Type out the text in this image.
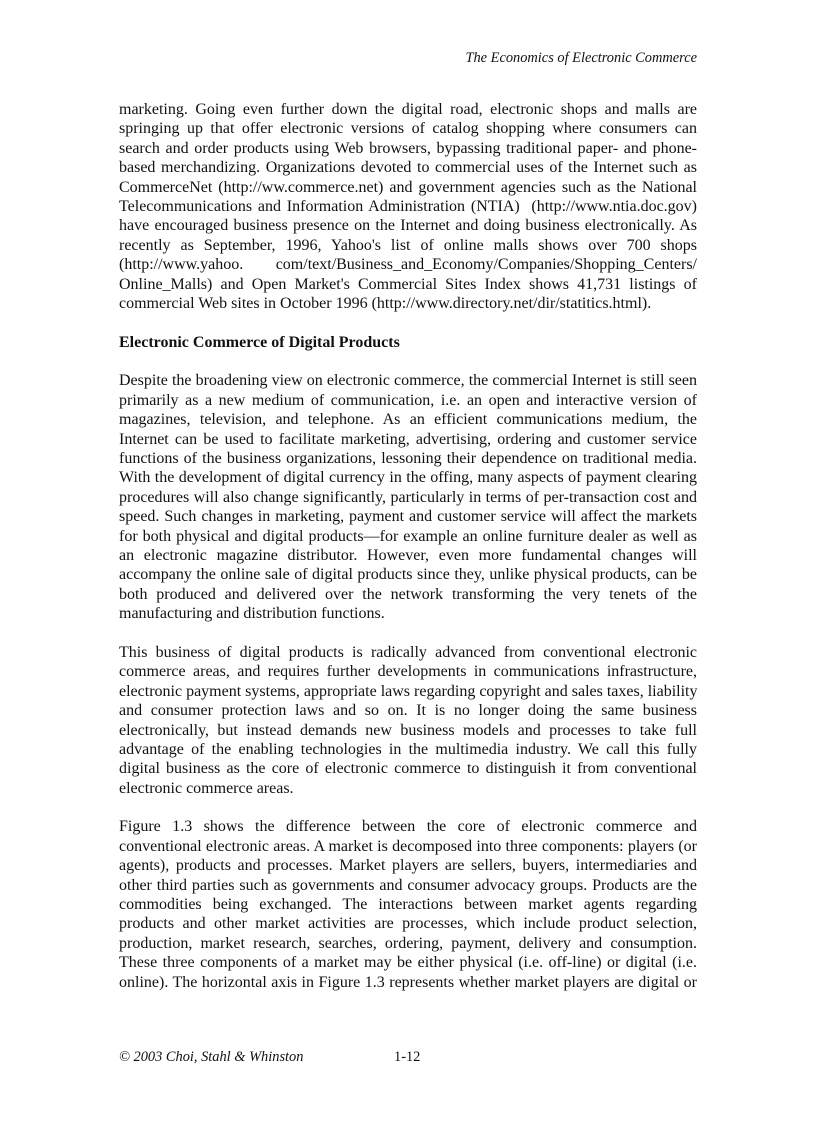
The Economics of Electronic Commerce
marketing. Going even further down the digital road, electronic shops and malls are
springing up that offer electronic versions of catalog shopping where consumers can
search and order products using Web browsers, bypassing traditional paper- and phone-
based merchandizing. Organizations devoted to commercial uses of the Internet such as
CommerceNet (http://ww.commerce.net) and government agencies such as the National
Telecommunications and Information Administration (NTIA)  (http://www.ntia.doc.gov)
have encouraged business presence on the Internet and doing business electronically. As
recently as September, 1996, Yahoo's list of online malls shows over 700 shops
(http://www.yahoo.      com/text/Business_and_Economy/Companies/Shopping_Centers/
Online_Malls) and Open Market's Commercial Sites Index shows 41,731 listings of
commercial Web sites in October 1996 (http://www.directory.net/dir/statitics.html).
Electronic Commerce of Digital Products
Despite the broadening view on electronic commerce, the commercial Internet is still seen
primarily as a new medium of communication, i.e. an open and interactive version of
magazines, television, and telephone. As an efficient communications medium, the
Internet can be used to facilitate marketing, advertising, ordering and customer service
functions of the business organizations, lessoning their dependence on traditional media.
With the development of digital currency in the offing, many aspects of payment clearing
procedures will also change significantly, particularly in terms of per-transaction cost and
speed. Such changes in marketing, payment and customer service will affect the markets
for both physical and digital products—for example an online furniture dealer as well as
an electronic magazine distributor. However, even more fundamental changes will
accompany the online sale of digital products since they, unlike physical products, can be
both produced and delivered over the network transforming the very tenets of the
manufacturing and distribution functions.
This business of digital products is radically advanced from conventional electronic
commerce areas, and requires further developments in communications infrastructure,
electronic payment systems, appropriate laws regarding copyright and sales taxes, liability
and consumer protection laws and so on. It is no longer doing the same business
electronically, but instead demands new business models and processes to take full
advantage of the enabling technologies in the multimedia industry. We call this fully
digital business as the core of electronic commerce to distinguish it from conventional
electronic commerce areas.
Figure 1.3 shows the difference between the core of electronic commerce and
conventional electronic areas. A market is decomposed into three components: players (or
agents), products and processes. Market players are sellers, buyers, intermediaries and
other third parties such as governments and consumer advocacy groups. Products are the
commodities being exchanged. The interactions between market agents regarding
products and other market activities are processes, which include product selection,
production, market research, searches, ordering, payment, delivery and consumption.
These three components of a market may be either physical (i.e. off-line) or digital (i.e.
online). The horizontal axis in Figure 1.3 represents whether market players are digital or
© 2003 Choi, Stahl & Whinston	1-12
